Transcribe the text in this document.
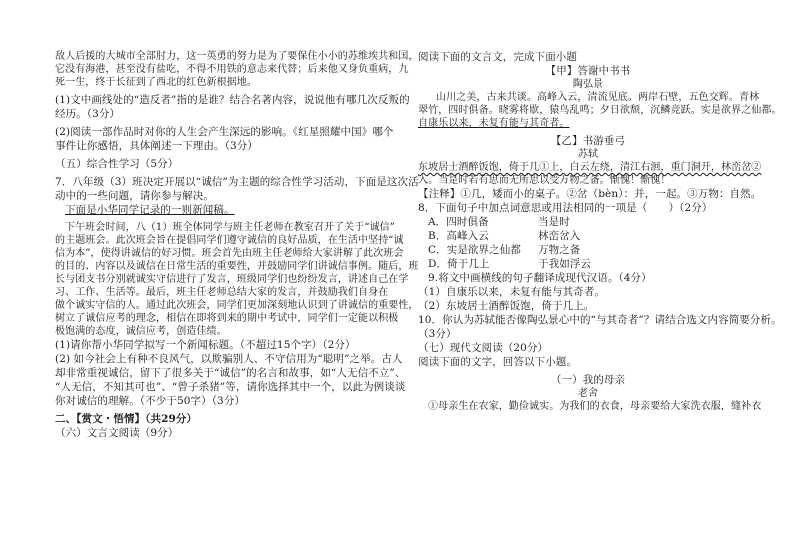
敌人后援的大城市全部肘力，这一英勇的努力是为了要保住小小的苏维埃共和国，
它没有海港，甚至没有盐吃，不得不用铁的意志来代替；后来他又身负重病，九
死一生，终于长征到了西北的红色新根据地。
(1)文中画线处的“造反者”指的是谁？结合名著内容，说说他有哪几次反叛的
经历。（3分）
(2)阅读一部作品时对你的人生会产生深远的影响。《红星照耀中国》哪个
事件让你感悟，具体阐述一下理由。（3分）
（五）综合性学习（5分）
7．八年级（3）班决定开展以“诚信”为主题的综合性学习活动，下面是这次活
动中的一些问题，请你参与解决。
下面是小华同学记录的一则新闻稿。
下午班会时间，八（1）班全体同学与班主任老师在教室召开了关于“诚信”
的主题班会。此次班会旨在提倡同学们遵守诚信的良好品质，在生活中坚持“诚
信为本”，使得讲诚信的好习惯。班会首先由班主任老师给大家讲解了此次班会
的目的、内容以及诚信在日常生活的重要性，并鼓励同学们讲诚信事例。随后，班
长与团支书分别就诚实守信进行了发言，班级同学们也纷纷发言，讲述自己在学
习、工作、生活等。最后，班主任老师总结大家的发言，并鼓励我们自身在
做个诚实守信的人。通过此次班会，同学们更加深刻地认识到了讲诚信的重要性，
树立了诚信应考的理念，相信在即将到来的期中考试中，同学们一定能以积极
极饱满的态度，诚信应考，创造佳绩。
(1)请你帮小华同学拟写一个新闻标题。（不超过15个字）（2分）
(2) 如今社会上有种不良风气，以欺骗别人、不守信用为“聪明”之举。古人
却非常重视诚信，留下了很多关于“诚信”的名言和故事，如“人无信不立”、
“人无信，不知其可也”、“曾子杀猪”等，请你选择其中一个，以此为例谈谈
你对诚信的理解。（不少于50字）（3分）
二、【赏文・悟情】（共29分）
（六）文言文阅读（9分）
阅读下面的文言文，完成下面小题
【甲】答谢中书书
陶弘景
山川之美，古来共谈。高峰入云，清流见底。两岸石壁，五色交辉。青林
翠竹，四时俱备。晓雾将歇，猿鸟乱鸣；夕日欲颓，沉鳞竞跃。实是欲界之仙都。
自康乐以来，未复有能与其奇者。
【乙】书游垂弓
苏轼
东坡居士酒醉饭饱，倚于几①上，白云左绕，清江右洄，重门洞开，林峦岔②
入。当是时若有思而无所思以受万物之备。惭愧！惭愧！
【注释】①几，矮而小的桌子。②岔（bèn）：并，一起。③万物：自然。
8．下面句子中加点词意思或用法相同的一项是（　　）（2分）
A．四时俱备	当是时
B．高峰入云	林峦岔入
C．实是欲界之仙都 万物之备
D．倚于几上	于我如浮云
9.将文中画横线的句子翻译成现代汉语。（4分）
（1）自康乐以来，未复有能与其奇者。
（2）东坡居士酒醉饭饱，倚于几上。
10．你认为苏轼能否像陶弘景心中的“与其奇者”？请结合选文内容简要分析。
（3分）
（七）现代文阅读（20分）
阅读下面的文字，回答以下小题。
（一）我的母亲
老舍
①母亲生在农家，勤俭诚实。为我们的衣食，母亲要给大家洗衣服，缝补衣
